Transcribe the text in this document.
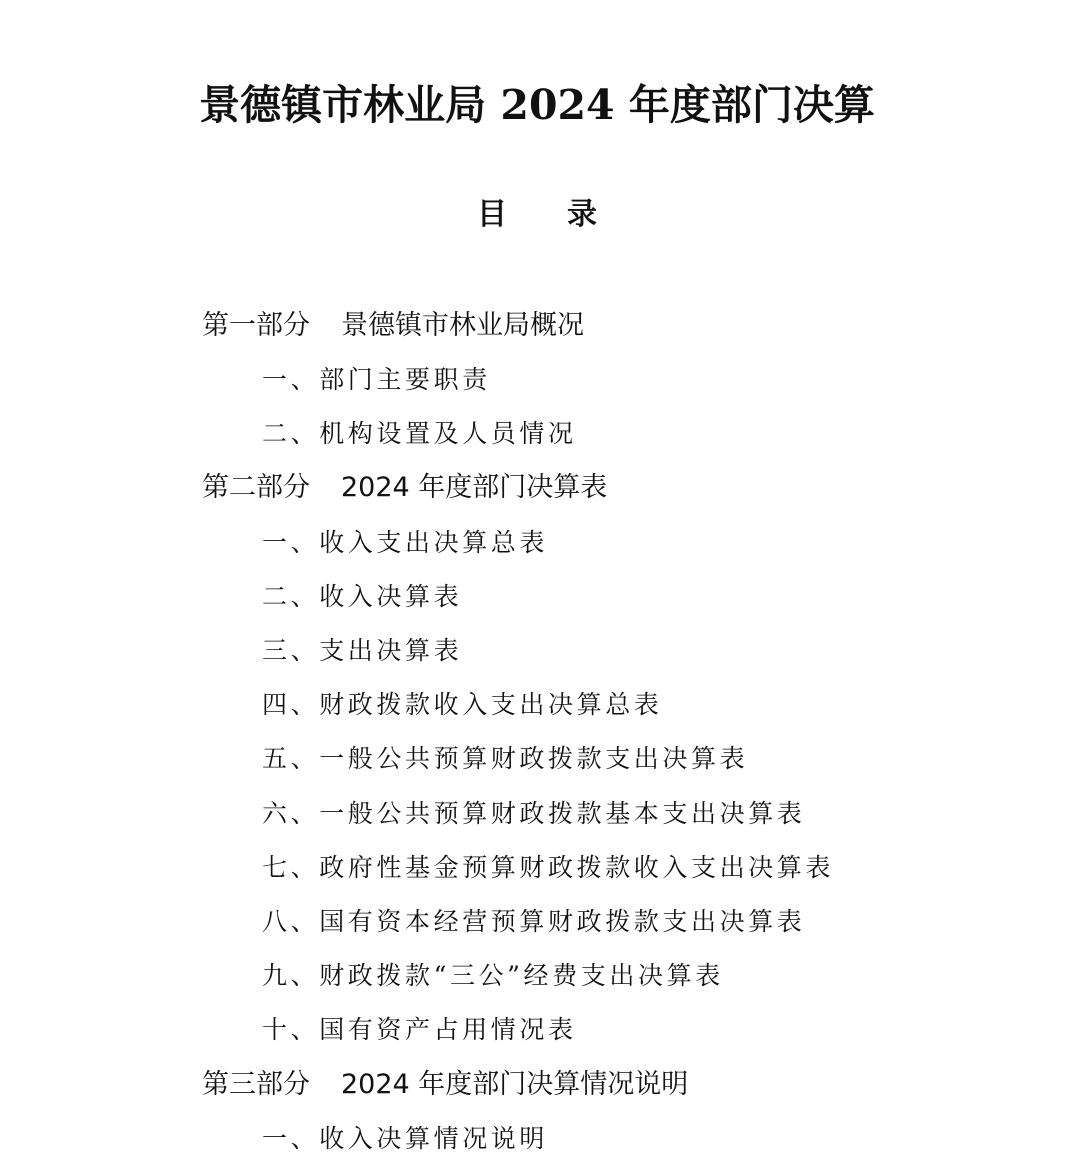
景德镇市林业局 2024 年度部门决算
目　　录
第一部分 景德镇市林业局概况
一、部门主要职责
二、机构设置及人员情况
第二部分 2024 年度部门决算表
一、收入支出决算总表
二、收入决算表
三、支出决算表
四、财政拨款收入支出决算总表
五、一般公共预算财政拨款支出决算表
六、一般公共预算财政拨款基本支出决算表
七、政府性基金预算财政拨款收入支出决算表
八、国有资本经营预算财政拨款支出决算表
九、财政拨款“三公”经费支出决算表
十、国有资产占用情况表
第三部分 2024 年度部门决算情况说明
一、收入决算情况说明
